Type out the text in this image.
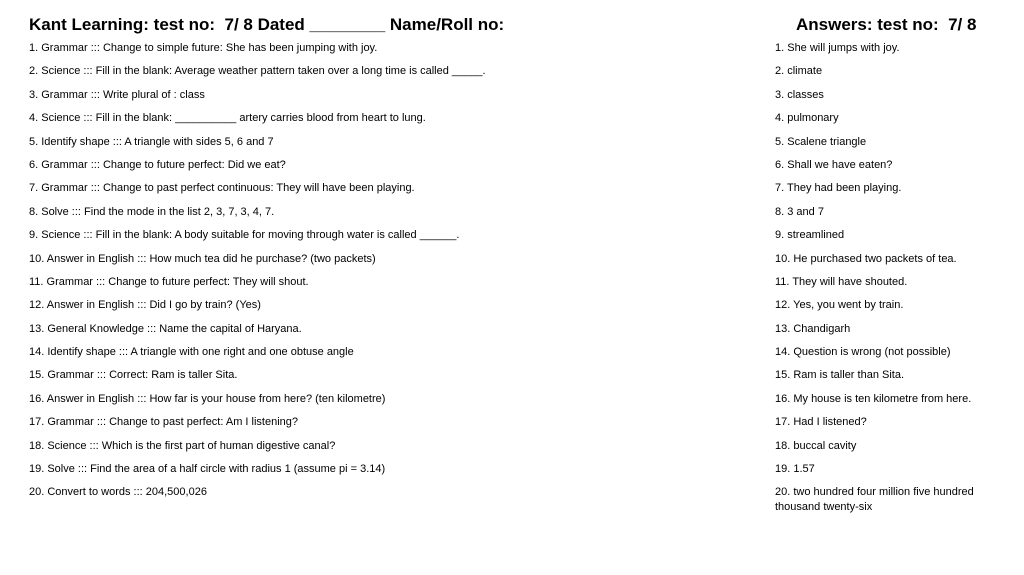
Kant Learning: test no:  7/ 8 Dated ________ Name/Roll no:	Answers: test no:  7/ 8
1. Grammar ::: Change to simple future: She has been jumping with joy.
2. Science ::: Fill in the blank: Average weather pattern taken over a long time is called _____.
3. Grammar ::: Write plural of : class
4. Science ::: Fill in the blank: __________ artery carries blood from heart to lung.
5. Identify shape ::: A triangle with sides 5, 6 and 7
6. Grammar ::: Change to future perfect: Did we eat?
7. Grammar ::: Change to past perfect continuous: They will have been playing.
8. Solve ::: Find the mode in the list 2, 3, 7, 3, 4, 7.
9. Science ::: Fill in the blank: A body suitable for moving through water is called ______.
10. Answer in English ::: How much tea did he purchase? (two packets)
11. Grammar ::: Change to future perfect: They will shout.
12. Answer in English ::: Did I go by train? (Yes)
13. General Knowledge ::: Name the capital of Haryana.
14. Identify shape ::: A triangle with one right and one obtuse angle
15. Grammar ::: Correct: Ram is taller Sita.
16. Answer in English ::: How far is your house from here? (ten kilometre)
17. Grammar ::: Change to past perfect: Am I listening?
18. Science ::: Which is the first part of human digestive canal?
19. Solve ::: Find the area of a half circle with radius 1 (assume pi = 3.14)
20. Convert to words ::: 204,500,026
1. She will jumps with joy.
2. climate
3. classes
4. pulmonary
5. Scalene triangle
6. Shall we have eaten?
7. They had been playing.
8. 3 and 7
9. streamlined
10. He purchased two packets of tea.
11. They will have shouted.
12. Yes, you went by train.
13. Chandigarh
14. Question is wrong (not possible)
15. Ram is taller than Sita.
16. My house is ten kilometre from here.
17. Had I listened?
18. buccal cavity
19. 1.57
20. two hundred four million five hundred thousand twenty-six
